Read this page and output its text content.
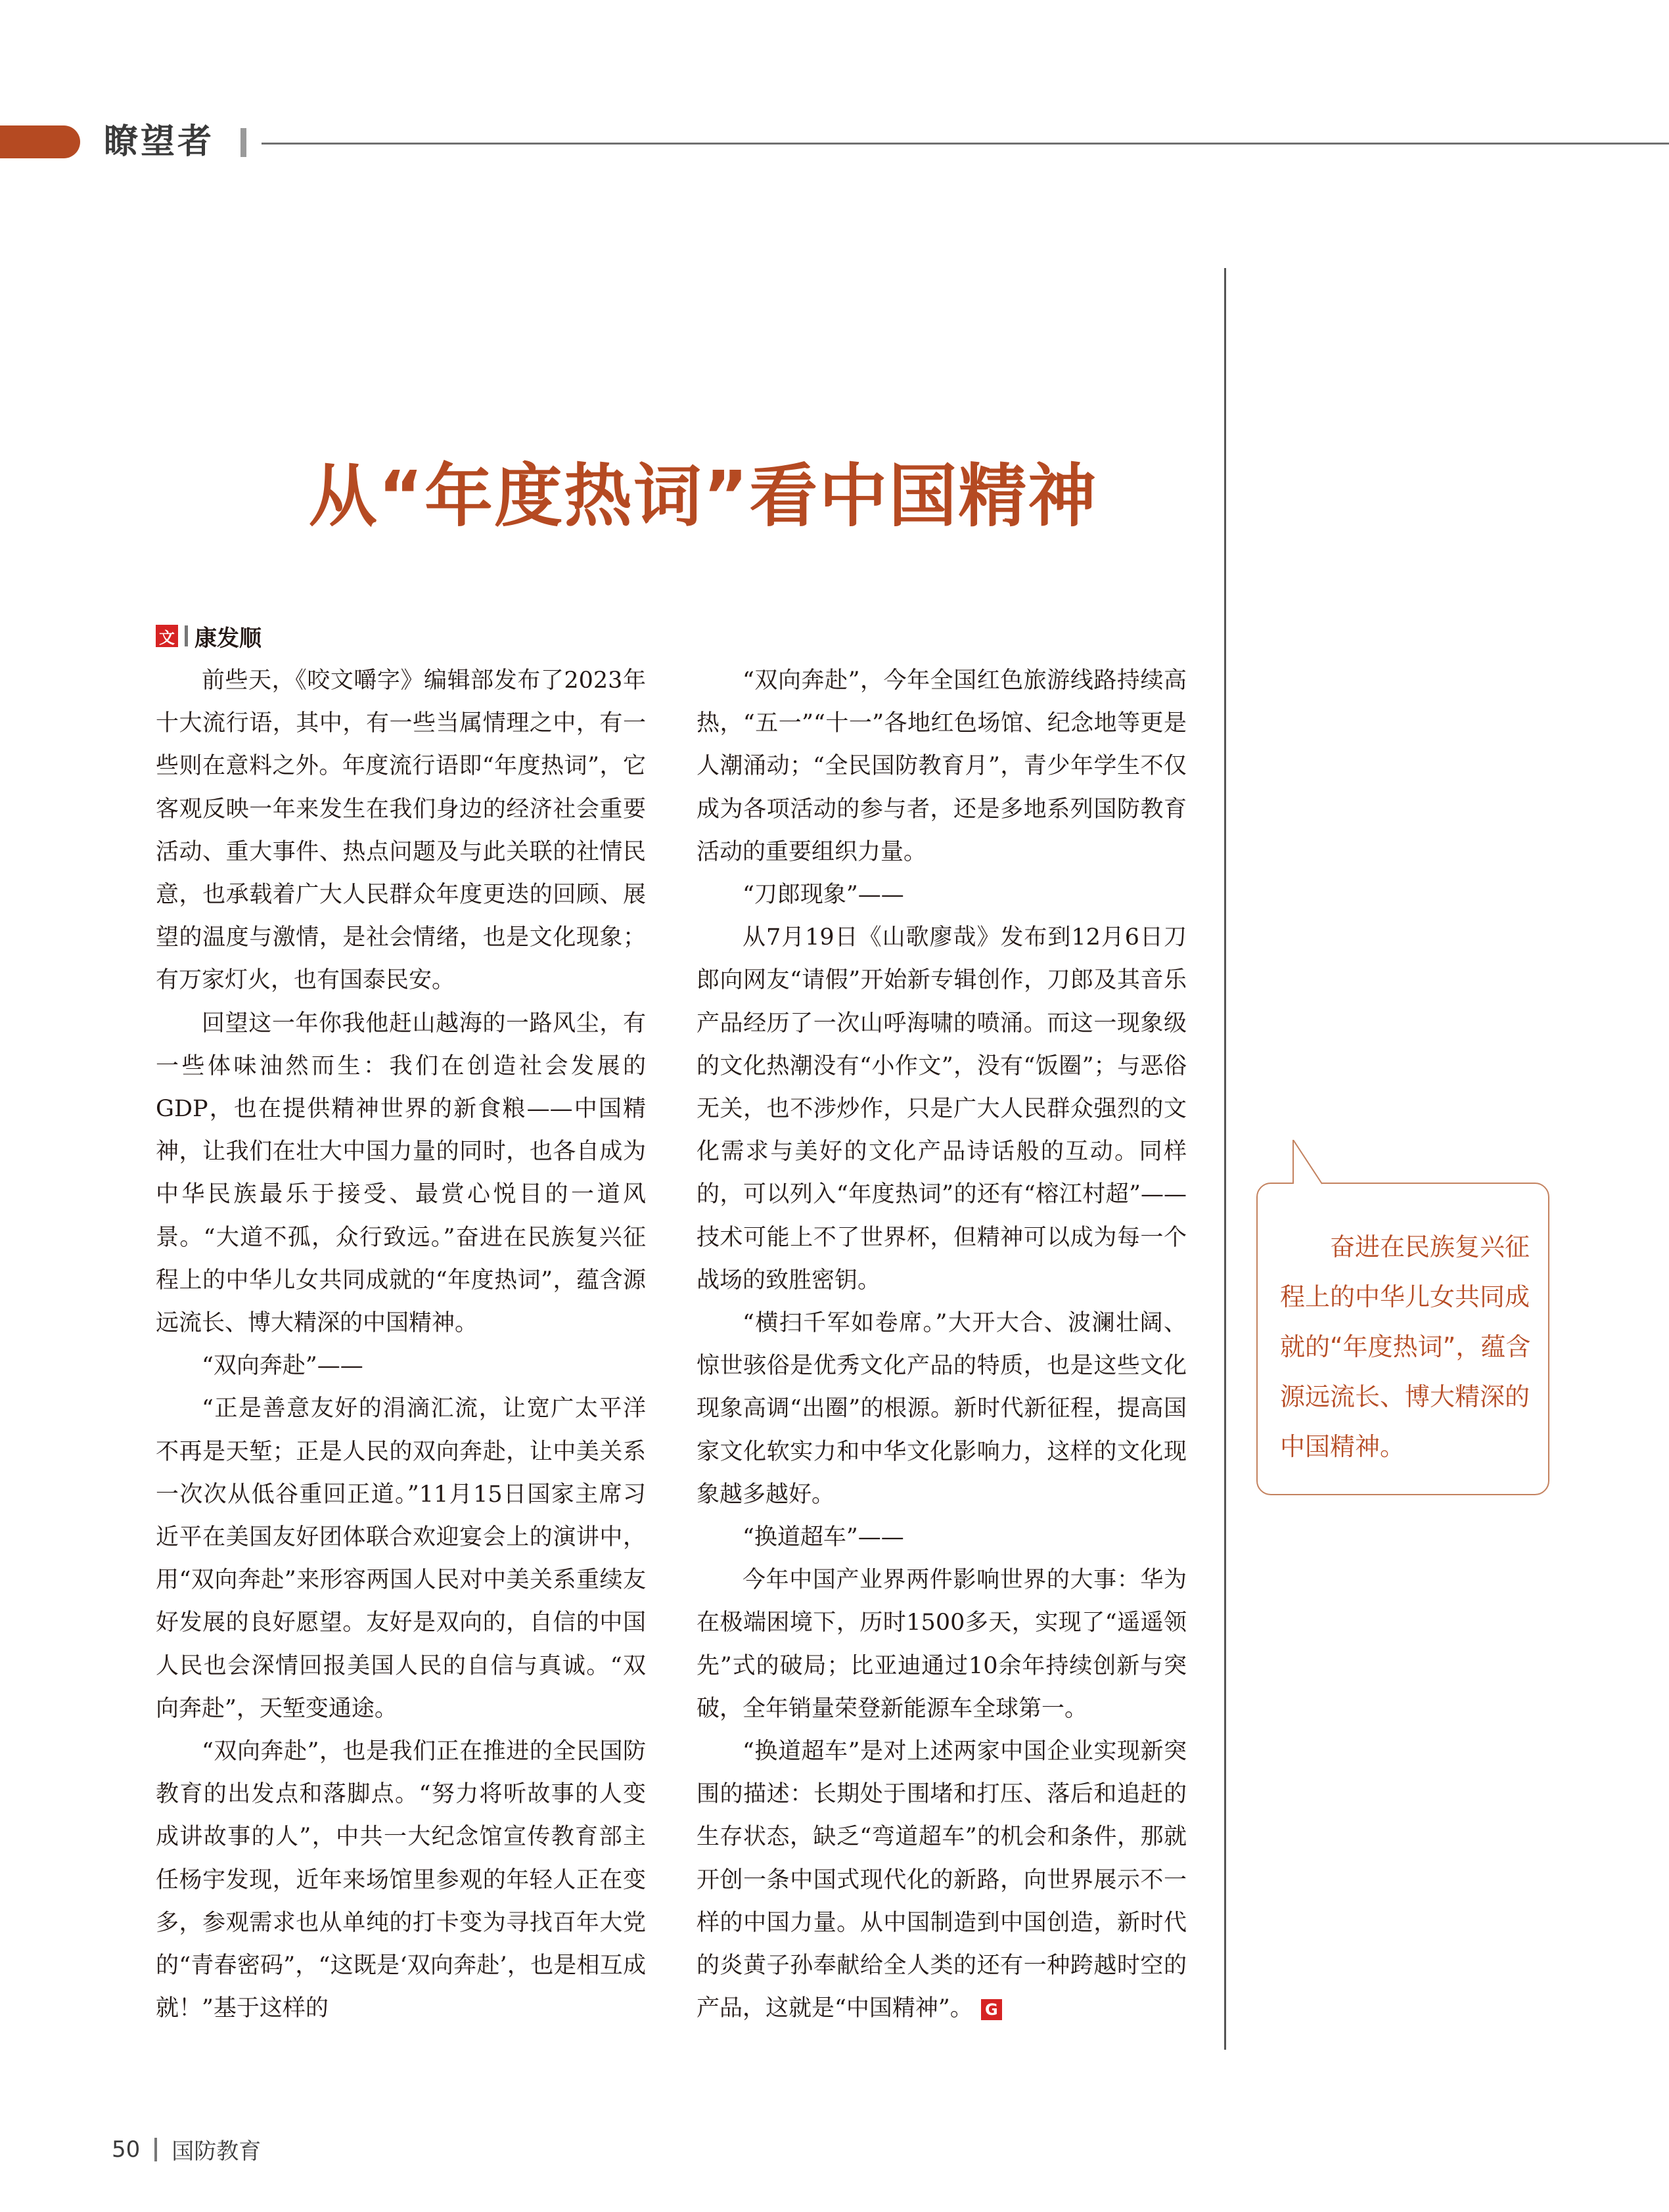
瞭望者
从“年度热词”看中国精神
文 康发顺

前些天，《咬文嚼字》编辑部发布了2023年十大流行语，其中，有一些当属情理之中，有一些则在意料之外。年度流行语即“年度热词”，它客观反映一年来发生在我们身边的经济社会重要活动、重大事件、热点问题及与此关联的社情民意，也承载着广大人民群众年度更迭的回顾、展望的温度与激情，是社会情绪，也是文化现象；有万家灯火，也有国泰民安。

回望这一年你我他赶山越海的一路风尘，有一些体味油然而生：我们在创造社会发展的GDP，也在提供精神世界的新食粮——中国精神，让我们在壮大中国力量的同时，也各自成为中华民族最乐于接受、最赏心悦目的一道风景。“大道不孤，众行致远。”奋进在民族复兴征程上的中华儿女共同成就的“年度热词”，蕴含源远流长、博大精深的中国精神。

“双向奔赴”——

“正是善意友好的涓滴汇流，让宽广太平洋不再是天堑；正是人民的双向奔赴，让中美关系一次次从低谷重回正道。”11月15日国家主席习近平在美国友好团体联合欢迎宴会上的演讲中，用“双向奔赴”来形容两国人民对中美关系重续友好发展的良好愿望。友好是双向的，自信的中国人民也会深情回报美国人民的自信与真诚。“双向奔赴”，天堑变通途。

“双向奔赴”，也是我们正在推进的全民国防教育的出发点和落脚点。“努力将听故事的人变成讲故事的人”，中共一大纪念馆宣传教育部主任杨宇发现，近年来场馆里参观的年轻人正在变多，参观需求也从单纯的打卡变为寻找百年大党的“青春密码”，“这既是‘双向奔赴’，也是相互成就！”基于这样的

“双向奔赴”，今年全国红色旅游线路持续高热，“五一”“十一”各地红色场馆、纪念地等更是人潮涌动；“全民国防教育月”，青少年学生不仅成为各项活动的参与者，还是多地系列国防教育活动的重要组织力量。

“刀郎现象”——

从7月19日《山歌廖哉》发布到12月6日刀郎向网友“请假”开始新专辑创作，刀郎及其音乐产品经历了一次山呼海啸的喷涌。而这一现象级的文化热潮没有“小作文”，没有“饭圈”；与恶俗无关，也不涉炒作，只是广大人民群众强烈的文化需求与美好的文化产品诗话般的互动。同样的，可以列入“年度热词”的还有“榕江村超”——技术可能上不了世界杯，但精神可以成为每一个战场的致胜密钥。

“横扫千军如卷席。”大开大合、波澜壮阔、惊世骇俗是优秀文化产品的特质，也是这些文化现象高调“出圈”的根源。新时代新征程，提高国家文化软实力和中华文化影响力，这样的文化现象越多越好。

“换道超车”——

今年中国产业界两件影响世界的大事：华为在极端困境下，历时1500多天，实现了“遥遥领先”式的破局；比亚迪通过10余年持续创新与突破，全年销量荣登新能源车全球第一。

“换道超车”是对上述两家中国企业实现新突围的描述：长期处于围堵和打压、落后和追赶的生存状态，缺乏“弯道超车”的机会和条件，那就开创一条中国式现代化的新路，向世界展示不一样的中国力量。从中国制造到中国创造，新时代的炎黄子孙奉献给全人类的还有一种跨越时空的产品，这就是“中国精神”。 G

奋进在民族复兴征程上的中华儿女共同成就的“年度热词”，蕴含源远流长、博大精深的中国精神。

50 国防教育
